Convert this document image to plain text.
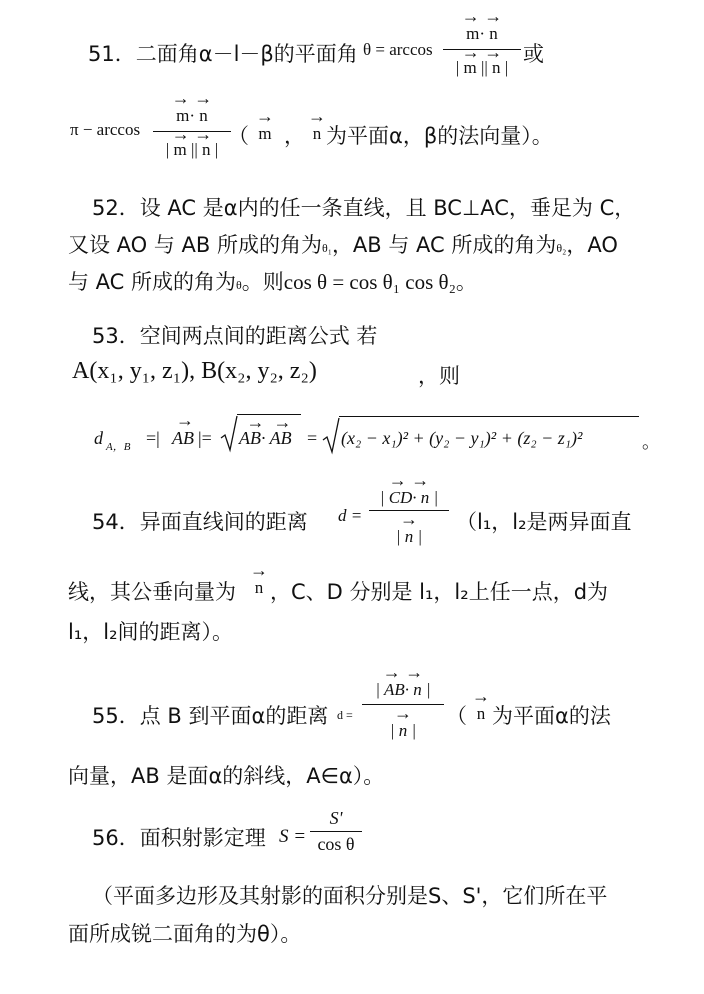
51．二面角α－l－β的平面角 θ = arccos
→ →
m· n
→ →
| m || n |
或
π − arccos
→ →
m· n
→ →
| m || n |
（
→
m ，
→
n 为平面α，β的法向量）。
52．设 AC 是α内的任一条直线，且 BC⊥AC，垂足为 C，
又设 AO 与 AB 所成的角为θ₁，AB 与 AC 所成的角为θ₂，AO
与 AC 所成的角为θ。则cos θ = cos θ₁ cos θ₂。
53．空间两点间的距离公式 若
A(x₁, y₁, z₁), B(x₂, y₂, z₂)	，则
d A，B =|
→
AB |=
→  →
AB· AB = (x₂ − x₁)² + (y₂ − y₁)² + (z₂ − z₁)²	。
54．异面直线间的距离 d =
→ →
| CD· n |
→
| n |
（l₁，l₂是两异面直
线，其公垂向量为
→
n ，C、D 分别是 l₁，l₂上任一点，d为
l₁，l₂间的距离）。
55．点 B 到平面α的距离 d =
→ →
| AB· n |
→
| n |
（
→
n 为平面α的法
向量，AB 是面α的斜线，A∈α）。
56．面积射影定理 S =
S'
cos θ
（平面多边形及其射影的面积分别是S、S'，它们所在平
面所成锐二面角的为θ）。
